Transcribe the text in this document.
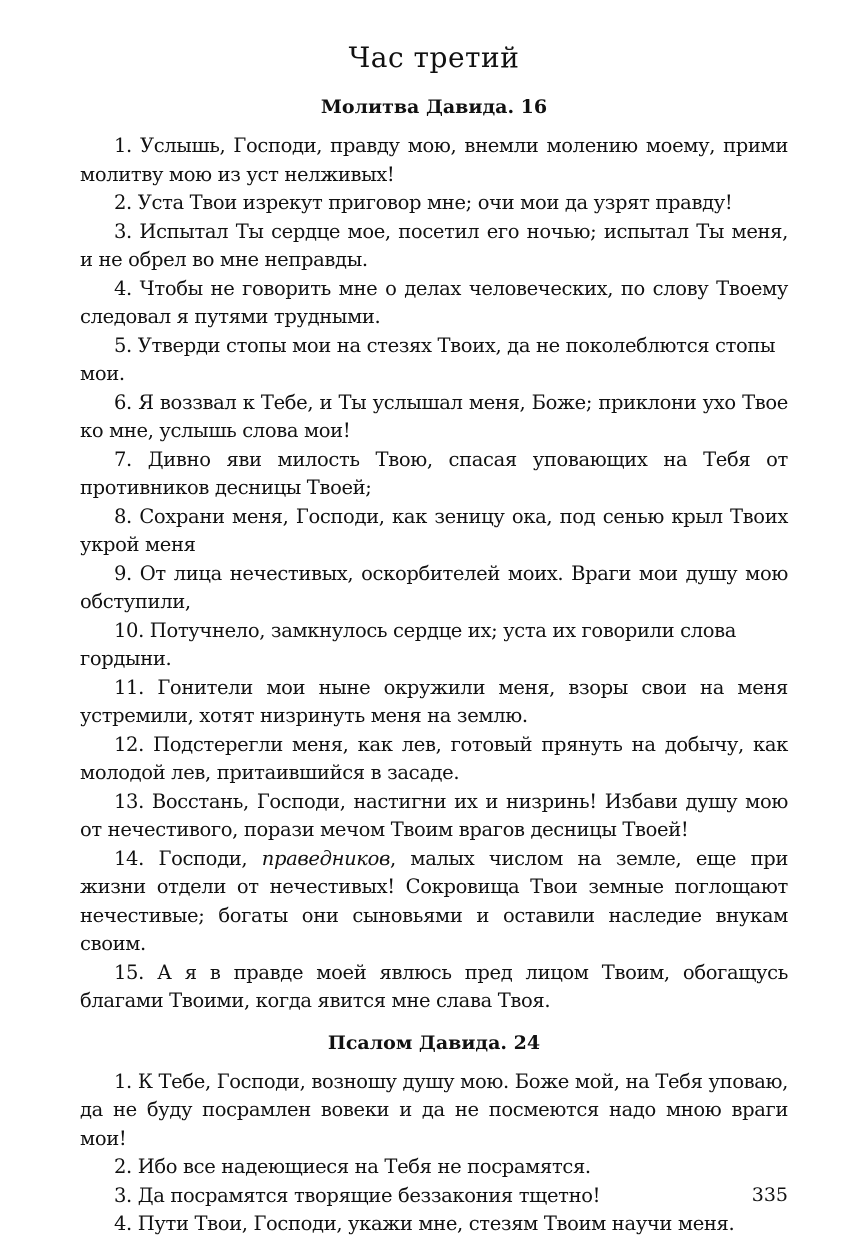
Час третий
Молитва Давида. 16

1. Услышь, Господи, правду мою, внемли молению моему, прими молитву мою из уст нелживых!

2. Уста Твои изрекут приговор мне; очи мои да узрят правду!

3. Испытал Ты сердце мое, посетил его ночью; испытал Ты меня, и не обрел во мне неправды.

4. Чтобы не говорить мне о делах человеческих, по слову Твоему следовал я путями трудными.

5. Утверди стопы мои на стезях Твоих, да не поколеблются стопы мои.

6. Я воззвал к Тебе, и Ты услышал меня, Боже; приклони ухо Твое ко мне, услышь слова мои!

7. Дивно яви милость Твою, спасая уповающих на Тебя от противников десницы Твоей;

8. Сохрани меня, Господи, как зеницу ока, под сенью крыл Твоих укрой меня

9. От лица нечестивых, оскорбителей моих. Враги мои душу мою обступили,

10. Потучнело, замкнулось сердце их; уста их говорили слова гордыни.

11. Гонители мои ныне окружили меня, взоры свои на меня устремили, хотят низринуть меня на землю.

12. Подстерегли меня, как лев, готовый прянуть на добычу, как молодой лев, притаившийся в засаде.

13. Восстань, Господи, настигни их и низринь! Избави душу мою от нечестивого, порази мечом Твоим врагов десницы Твоей!

14. Господи, праведников, малых числом на земле, еще при жизни отдели от нечестивых! Сокровища Твои земные поглощают нечестивые; богаты они сыновьями и оставили наследие внукам своим.

15. А я в правде моей явлюсь пред лицом Твоим, обогащусь благами Твоими, когда явится мне слава Твоя.

Псалом Давида. 24

1. К Тебе, Господи, возношу душу мою. Боже мой, на Тебя уповаю, да не буду посрамлен вовеки и да не посмеются надо мною враги мои!

2. Ибо все надеющиеся на Тебя не посрамятся.

3. Да посрамятся творящие беззакония тщетно!

4. Пути Твои, Господи, укажи мне, стезям Твоим научи меня.

335
